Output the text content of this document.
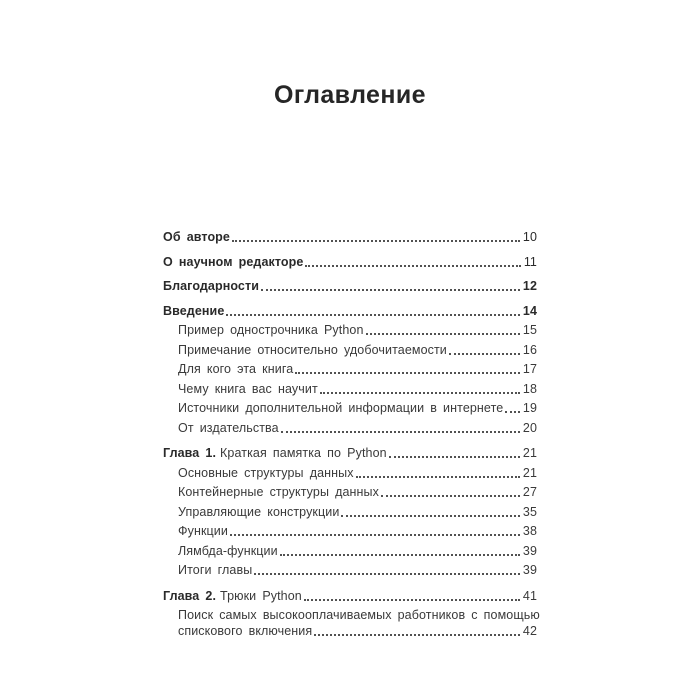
Оглавление
Об авторе	10
О научном редакторе	11
Благодарности	12
Введение	14
Пример однострочника Python	15
Примечание относительно удобочитаемости	16
Для кого эта книга	17
Чему книга вас научит	18
Источники дополнительной информации в интернете 19
От издательства	20
Глава 1. Краткая памятка по Python	21
Основные структуры данных	21
Контейнерные структуры данных	27
Управляющие конструкции	35
Функции	38
Лямбда-функции	39
Итоги главы	39
Глава 2. Трюки Python	41
Поиск самых высокооплачиваемых работников с помощью
спискового включения	42
